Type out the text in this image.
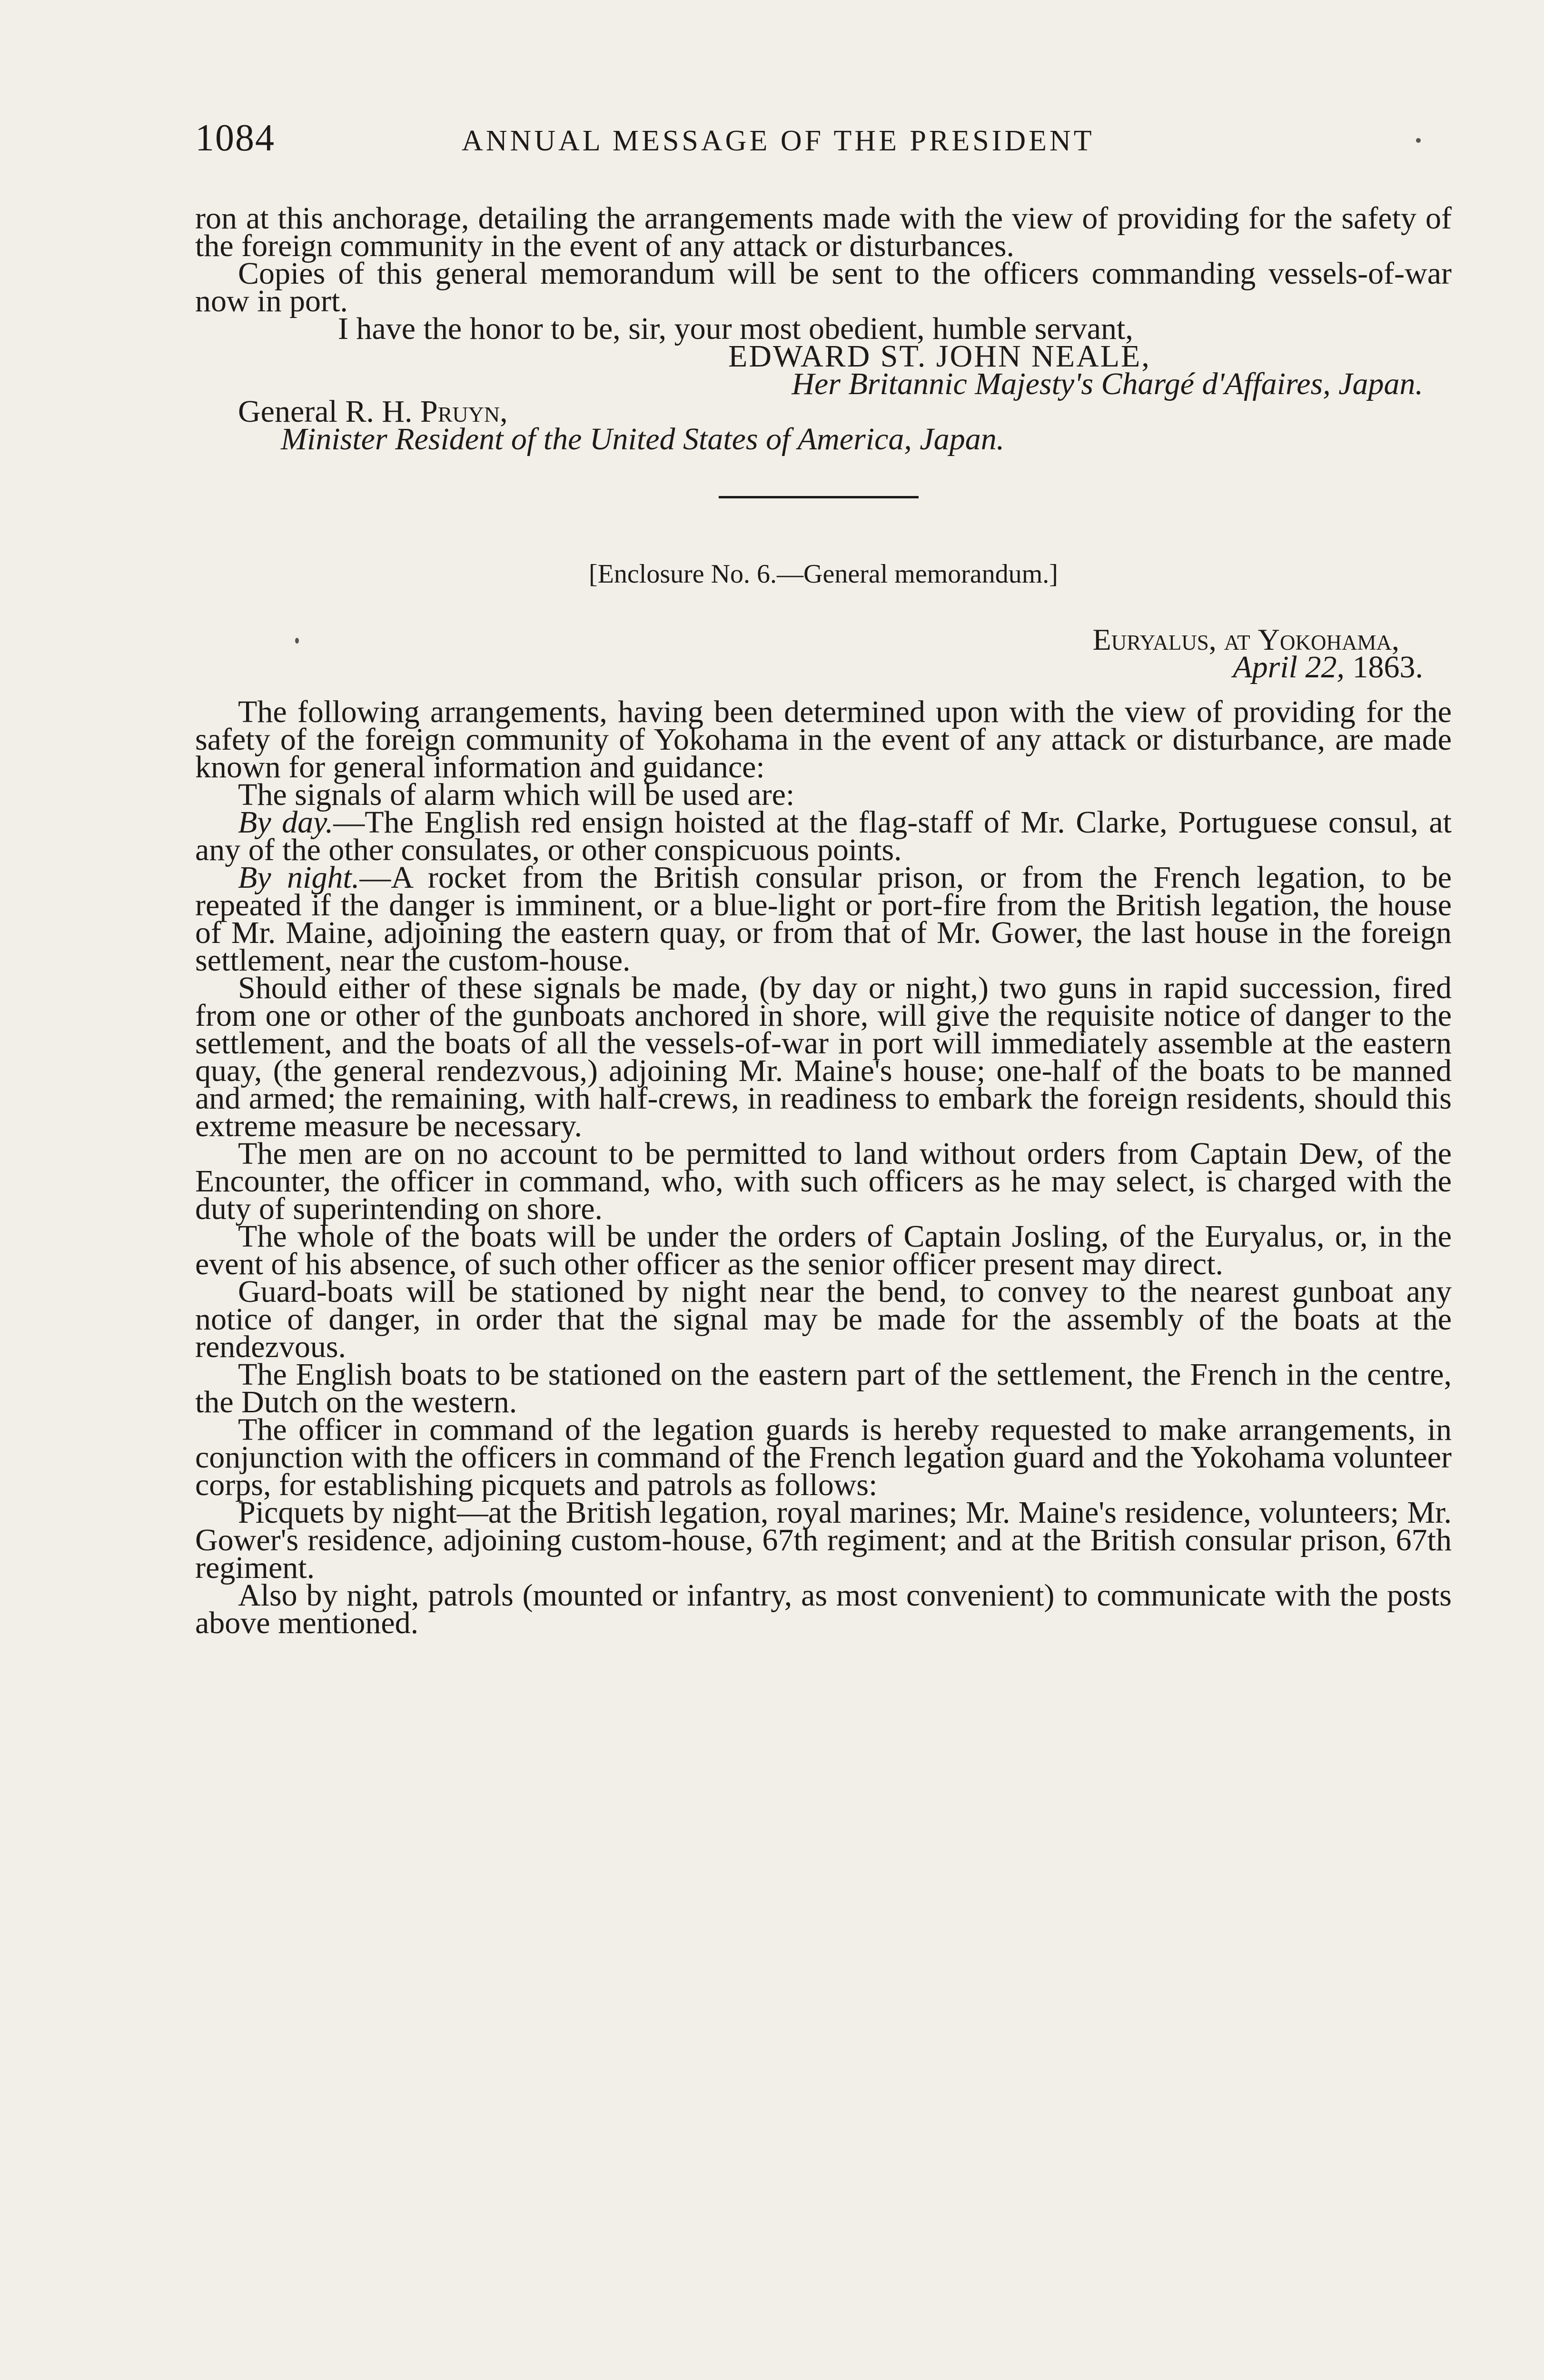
1084	ANNUAL MESSAGE OF THE PRESIDENT

ron at this anchorage, detailing the arrangements made with the view of providing for the safety of the foreign community in the event of any attack or disturbances.

Copies of this general memorandum will be sent to the officers commanding vessels-of-war now in port.

I have the honor to be, sir, your most obedient, humble servant,

EDWARD ST. JOHN NEALE,

Her Britannic Majesty's Chargé d'Affaires, Japan.

General R. H. Pruyn,

Minister Resident of the United States of America, Japan.

[Enclosure No. 6.—General memorandum.]

Euryalus, at Yokohama,

April 22, 1863.

The following arrangements, having been determined upon with the view of providing for the safety of the foreign community of Yokohama in the event of any attack or disturbance, are made known for general information and guidance:

The signals of alarm which will be used are:

By day.—The English red ensign hoisted at the flag-staff of Mr. Clarke, Portuguese consul, at any of the other consulates, or other conspicuous points.

By night.—A rocket from the British consular prison, or from the French legation, to be repeated if the danger is imminent, or a blue-light or port-fire from the British legation, the house of Mr. Maine, adjoining the eastern quay, or from that of Mr. Gower, the last house in the foreign settlement, near the custom-house.

Should either of these signals be made, (by day or night,) two guns in rapid succession, fired from one or other of the gunboats anchored in shore, will give the requisite notice of danger to the settlement, and the boats of all the vessels-of-war in port will immediately assemble at the eastern quay, (the general rendezvous,) adjoining Mr. Maine's house; one-half of the boats to be manned and armed; the remaining, with half-crews, in readiness to embark the foreign residents, should this extreme measure be necessary.

The men are on no account to be permitted to land without orders from Captain Dew, of the Encounter, the officer in command, who, with such officers as he may select, is charged with the duty of superintending on shore.

The whole of the boats will be under the orders of Captain Josling, of the Euryalus, or, in the event of his absence, of such other officer as the senior officer present may direct.

Guard-boats will be stationed by night near the bend, to convey to the nearest gunboat any notice of danger, in order that the signal may be made for the assembly of the boats at the rendezvous.

The English boats to be stationed on the eastern part of the settlement, the French in the centre, the Dutch on the western.

The officer in command of the legation guards is hereby requested to make arrangements, in conjunction with the officers in command of the French legation guard and the Yokohama volunteer corps, for establishing picquets and patrols as follows:

Picquets by night—at the British legation, royal marines; Mr. Maine's residence, volunteers; Mr. Gower's residence, adjoining custom-house, 67th regiment; and at the British consular prison, 67th regiment.

Also by night, patrols (mounted or infantry, as most convenient) to communicate with the posts above mentioned.
